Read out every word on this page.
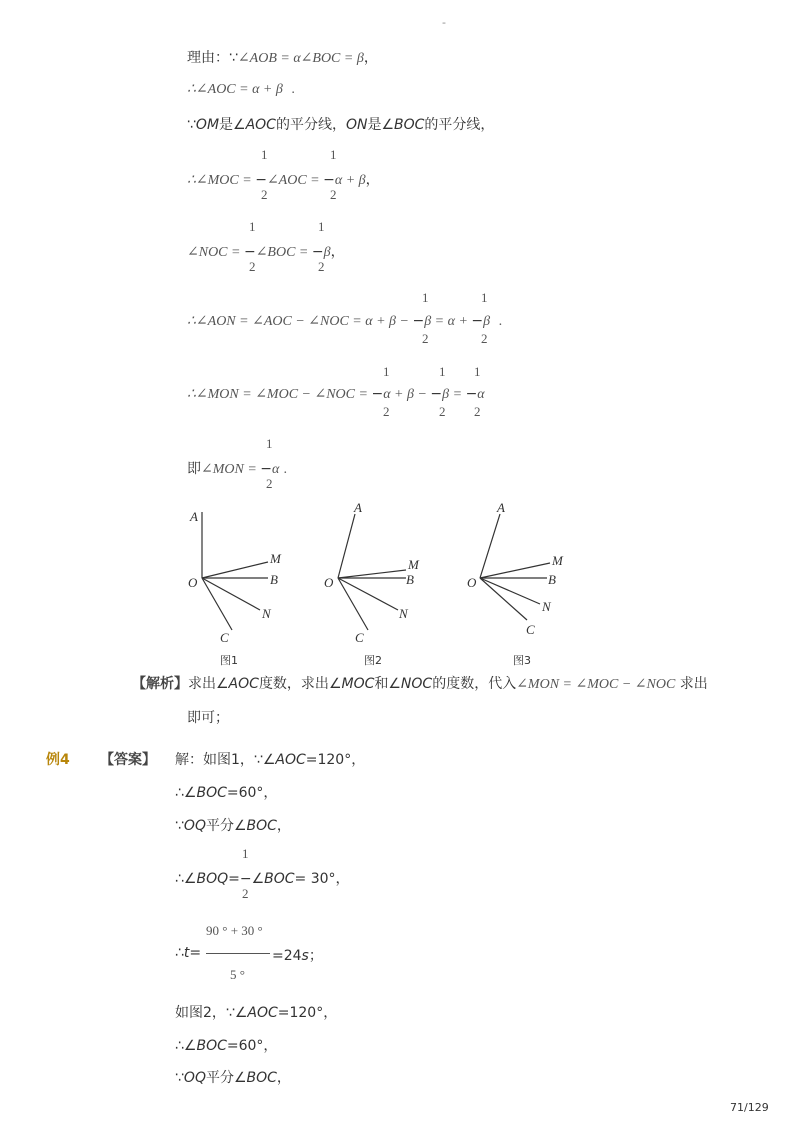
-
理由：∵∠AOB = α∠BOC = β，
∴∠AOC = α + β .
∵OM是∠AOC的平分线，ON是∠BOC的平分线，
1	1
∴∠MOC = −∠AOC = −α + β，
2	2
1	1
∠NOC = −∠BOC = −β，
2	2
1	1
∴∠AON = ∠AOC − ∠NOC = α + β − −β = α + −β .
2	2
1	1 1
∴∠MON = ∠MOC − ∠NOC = −α + β − −β = −α
2	2 2
1
即∠MON = −α .
2
A
M
O	B
N
C
A
M
O	B
N
C
A
M
O	B
N
C
图1	图2	图3
【解析】求出∠AOC度数，求出∠MOC和∠NOC的度数，代入∠MON = ∠MOC − ∠NOC 求出
即可；
例4 【答案】 解：如图1，∵∠AOC=120°，
∴∠BOC=60°，
∵OQ平分∠BOC，
1
∴∠BOQ=−∠BOC= 30°，
2
90 ° + 30 °
5 °
∴t=	=24s；
如图2，∵∠AOC=120°，
∴∠BOC=60°，
∵OQ平分∠BOC，
71/129
